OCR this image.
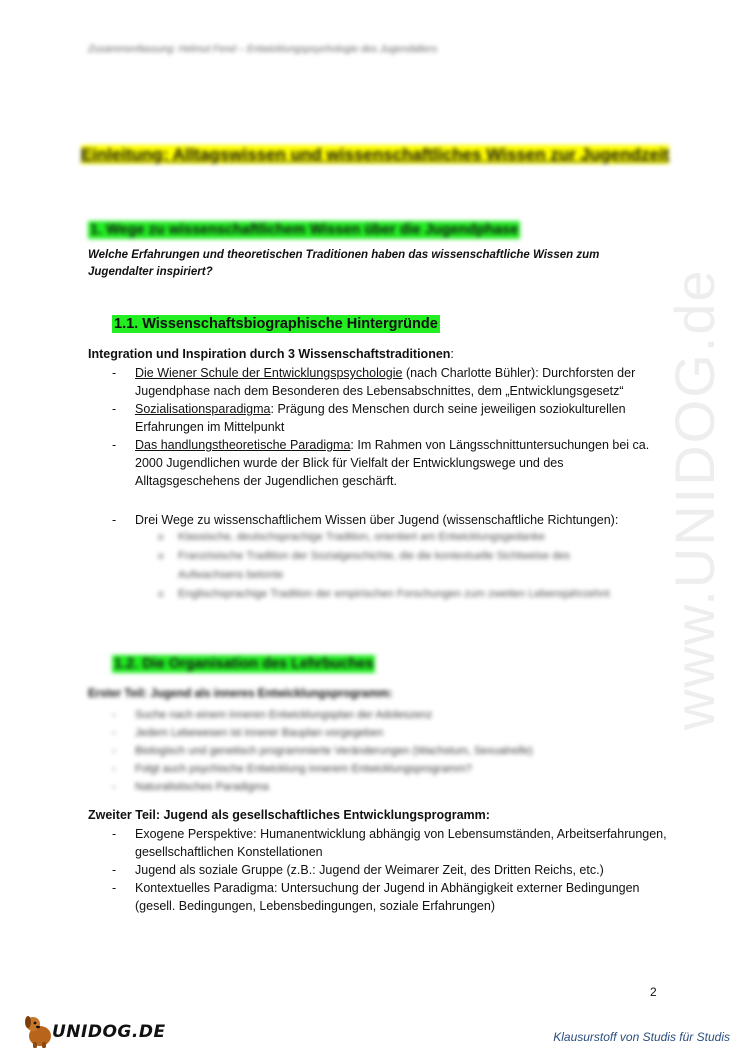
Zusammenfassung: Helmut Fend – Entwicklungspsychologie des Jugendalters
www.UNIDOG.de
Einleitung: Alltagswissen und wissenschaftliches Wissen zur Jugendzeit
1. Wege zu wissenschaftlichem Wissen über die Jugendphase
Welche Erfahrungen und theoretischen Traditionen haben das wissenschaftliche Wissen zum Jugendalter inspiriert?
1.1. Wissenschaftsbiographische Hintergründe
Integration und Inspiration durch 3 Wissenschaftstraditionen:
- Die Wiener Schule der Entwicklungspsychologie (nach Charlotte Bühler): Durchforsten der Jugendphase nach dem Besonderen des Lebensabschnittes, dem „Entwicklungsgesetz“
- Sozialisationsparadigma: Prägung des Menschen durch seine jeweiligen soziokulturellen Erfahrungen im Mittelpunkt
- Das handlungstheoretische Paradigma: Im Rahmen von Längsschnittuntersuchungen bei ca. 2000 Jugendlichen wurde der Blick für Vielfalt der Entwicklungswege und des Alltagsgeschehens der Jugendlichen geschärft.
- Drei Wege zu wissenschaftlichem Wissen über Jugend (wissenschaftliche Richtungen):
o Klassische, deutschsprachige Tradition, orientiert am Entwicklungsgedanke
o Französische Tradition der Sozialgeschichte, die die kontextuelle Sichtweise des Aufwachsens betonte
o Englischsprachige Tradition der empirischen Forschungen zum zweiten Lebensjahrzehnt
1.2. Die Organisation des Lehrbuches
Erster Teil: Jugend als inneres Entwicklungsprogramm:
- Suche nach einem inneren Entwicklungsplan der Adoleszenz
- Jedem Lebewesen ist innerer Bauplan vorgegeben
- Biologisch und genetisch programmierte Veränderungen (Wachstum, Sexualreife)
- Folgt auch psychische Entwicklung innerem Entwicklungsprogramm?
- Naturalistisches Paradigma
Zweiter Teil: Jugend als gesellschaftliches Entwicklungsprogramm:
- Exogene Perspektive: Humanentwicklung abhängig von Lebensumständen, Arbeitserfahrungen, gesellschaftlichen Konstellationen
- Jugend als soziale Gruppe (z.B.: Jugend der Weimarer Zeit, des Dritten Reichs, etc.)
- Kontextuelles Paradigma: Untersuchung der Jugend in Abhängigkeit externer Bedingungen (gesell. Bedingungen, Lebensbedingungen, soziale Erfahrungen)
2
UNIDOG.DE	Klausurstoff von Studis für Studis
